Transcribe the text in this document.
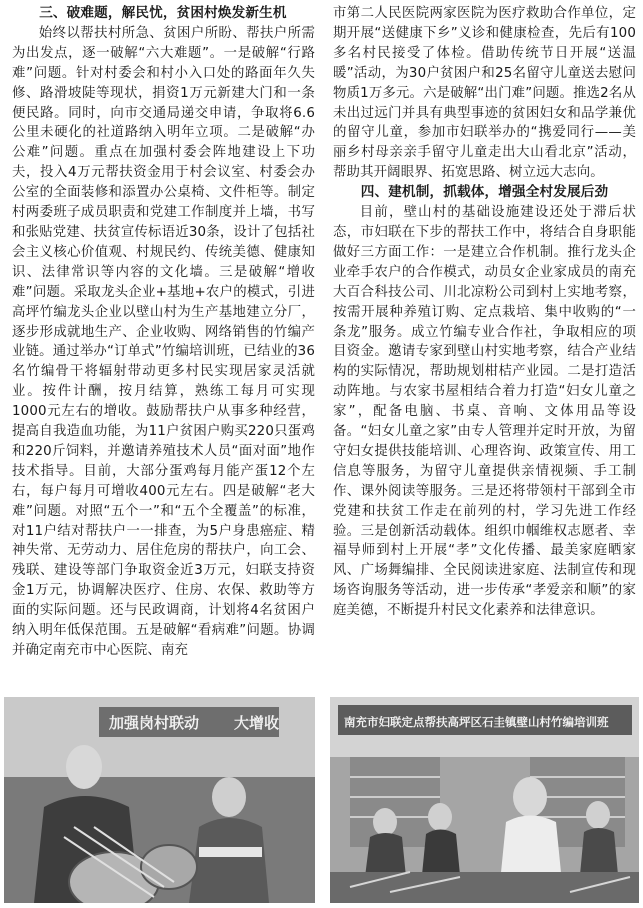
三、破难题，解民忧，贫困村焕发新生机

始终以帮扶村所急、贫困户所盼、帮扶户所需为出发点，逐一破解“六大难题”。一是破解“行路难”问题。针对村委会和村小入口处的路面年久失修、路滑坡陡等现状，捐资1万元新建大门和一条便民路。同时，向市交通局递交申请，争取将6.6公里未硬化的社道路纳入明年立项。二是破解“办公难”问题。重点在加强村委会阵地建设上下功夫，投入4万元帮扶资金用于村会议室、村委会办公室的全面装修和添置办公桌椅、文件柜等。制定村两委班子成员职责和党建工作制度并上墙，书写和张贴党建、扶贫宣传标语近30条，设计了包括社会主义核心价值观、村规民约、传统美德、健康知识、法律常识等内容的文化墙。三是破解“增收难”问题。采取龙头企业+基地+农户的模式，引进高坪竹编龙头企业以壁山村为生产基地建立分厂，逐步形成就地生产、企业收购、网络销售的竹编产业链。通过举办“订单式”竹编培训班，已结业的36名竹编骨干将辐射带动更多村民实现居家灵活就业。按件计酬，按月结算，熟练工每月可实现1000元左右的增收。鼓励帮扶户从事多种经营，提高自我造血功能，为11户贫困户购买220只蛋鸡和220斤饲料，并邀请养殖技术人员“面对面”地作技术指导。目前，大部分蛋鸡每月能产蛋12个左右，每户每月可增收400元左右。四是破解“老大难”问题。对照“五个一”和“五个全覆盖”的标准，对11户结对帮扶户一一排查，为5户身患癌症、精神失常、无劳动力、居住危房的帮扶户，向工会、残联、建设等部门争取资金近3万元，妇联支持资金1万元，协调解决医疗、住房、农保、救助等方面的实际问题。还与民政调商，计划将4名贫困户纳入明年低保范围。五是破解“看病难”问题。协调并确定南充市中心医院、南充

市第二人民医院两家医院为医疗救助合作单位，定期开展“送健康下乡”义诊和健康检查，先后有100多名村民接受了体检。借助传统节日开展“送温暖”活动，为30户贫困户和25名留守儿童送去慰问物质1万多元。六是破解“出门难”问题。推选2名从未出过远门并具有典型事迹的贫困妇女和品学兼优的留守儿童，参加市妇联举办的“携爱同行——美丽乡村母亲亲手留守儿童走出大山看北京”活动，帮助其开阔眼界、拓宽思路、树立远大志向。

四、建机制，抓载体，增强全村发展后劲

目前，壁山村的基础设施建设还处于滞后状态，市妇联在下步的帮扶工作中，将结合自身职能做好三方面工作：一是建立合作机制。推行龙头企业牵手农户的合作模式，动员女企业家成员的南充大百合科技公司、川北凉粉公司到村上实地考察，按需开展种养殖订购、定点栽培、集中收购的“一条龙”服务。成立竹编专业合作社，争取相应的项目资金。邀请专家到壁山村实地考察，结合产业结构的实际情况，帮助规划柑桔产业园。二是打造活动阵地。与农家书屋相结合着力打造“妇女儿童之家”，配备电脑、书桌、音响、文体用品等设备。“妇女儿童之家”由专人管理并定时开放，为留守妇女提供技能培训、心理咨询、政策宣传、用工信息等服务，为留守儿童提供亲情视频、手工制作、课外阅读等服务。三是还将带领村干部到全市党建和扶贫工作走在前列的村，学习先进工作经验。三是创新活动载体。组织巾帼维权志愿者、幸福导师到村上开展“孝”文化传播、最美家庭晒家风、广场舞编排、全民阅读进家庭、法制宣传和现场咨询服务等活动，进一步传承“孝爱亲和顺”的家庭美德，不断提升村民文化素养和法律意识。

加强岗村联动 大增收	南充市妇联定点帮扶高坪区石圭镇壁山村竹编培训班
